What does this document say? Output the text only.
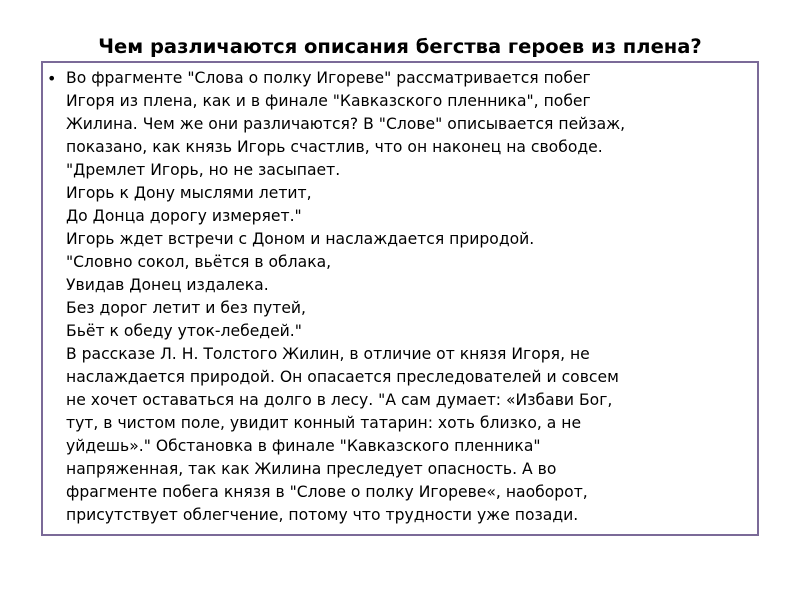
Чем различаются описания бегства героев из плена?
• Во фрагменте "Слова о полку Игореве" рассматривается побег
Игоря из плена, как и в финале "Кавказского пленника", побег
Жилина. Чем же они различаются? В "Слове" описывается пейзаж,
показано, как князь Игорь счастлив, что он наконец на свободе.
"Дремлет Игорь, но не засыпает.
Игорь к Дону мыслями летит,
До Донца дорогу измеряет."
Игорь ждет встречи с Доном и наслаждается природой.
"Словно сокол, вьётся в облака,
Увидав Донец издалека.
Без дорог летит и без путей,
Бьёт к обеду уток-лебедей."
В рассказе Л. Н. Толстого Жилин, в отличие от князя Игоря, не
наслаждается природой. Он опасается преследователей и совсем
не хочет оставаться на долго в лесу. "А сам думает: «Избави Бог,
тут, в чистом поле, увидит конный татарин: хоть близко, а не
уйдешь»." Обстановка в финале "Кавказского пленника"
напряженная, так как Жилина преследует опасность. А во
фрагменте побега князя в "Слове о полку Игореве«, наоборот,
присутствует облегчение, потому что трудности уже позади.
